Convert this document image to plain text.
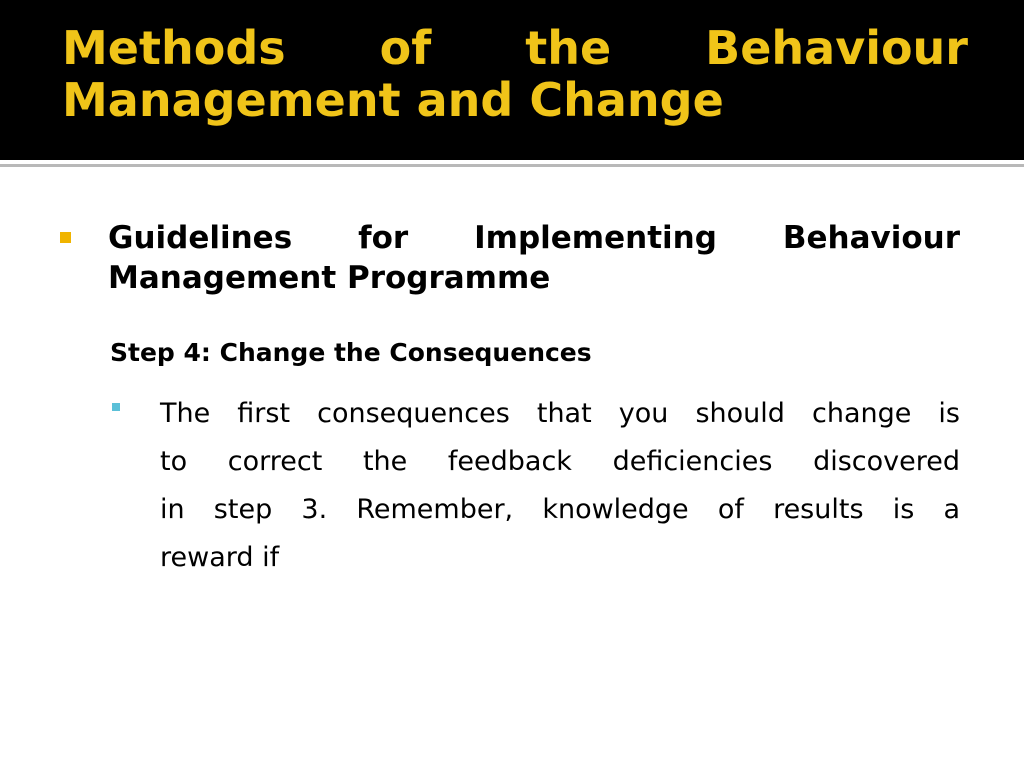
Methods of the Behaviour
Management and Change
Guidelines for Implementing Behaviour
Management Programme
Step 4: Change the Consequences
The first consequences that you should change is
to correct the feedback deficiencies discovered
in step 3. Remember, knowledge of results is a
reward if
